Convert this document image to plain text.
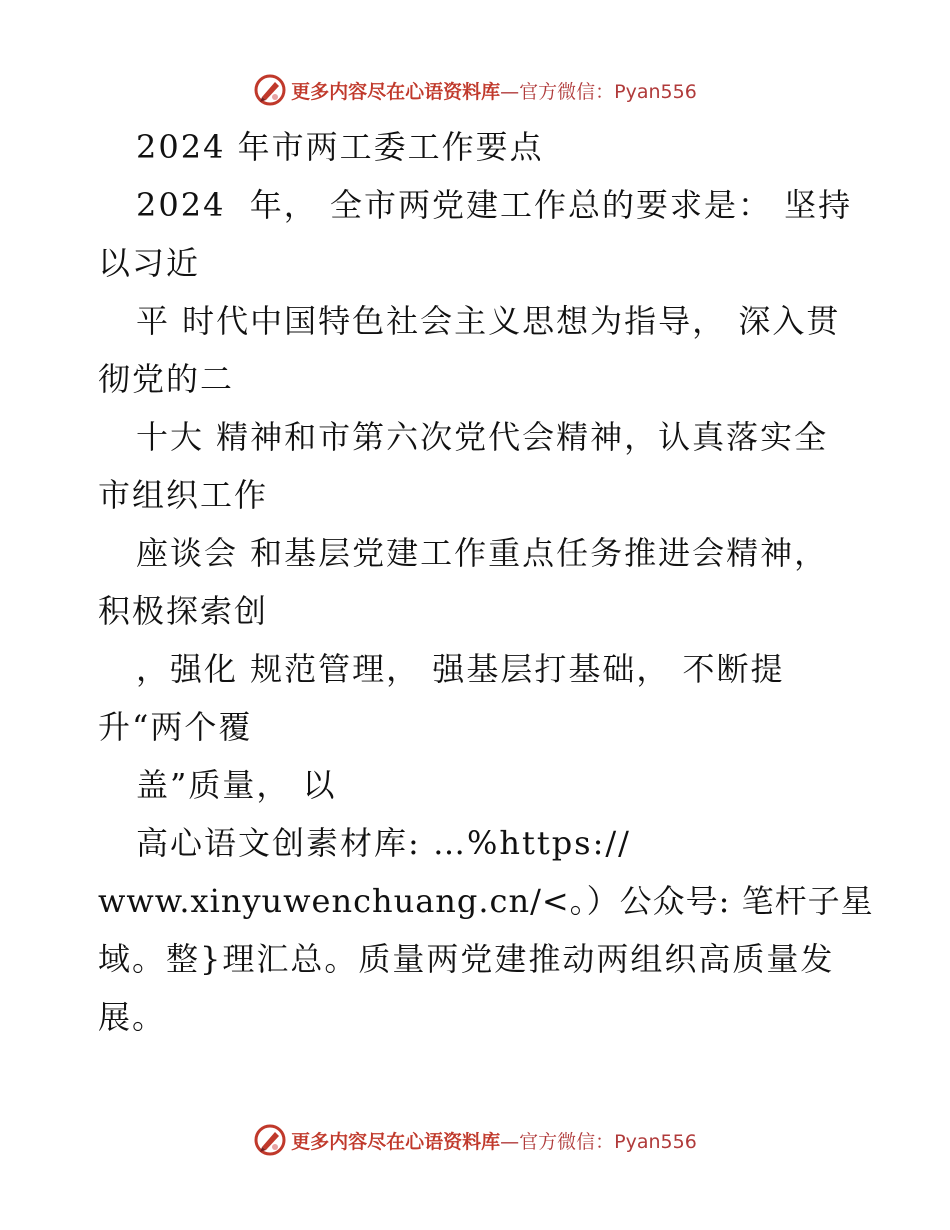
更多内容尽在心语资料库—官方微信：Pyan556
2024 年市两工委工作要点
2024  年， 全市两党建工作总的要求是： 坚持
以习近
平 时代中国特色社会主义思想为指导， 深入贯
彻党的二
十大 精神和市第六次党代会精神，认真落实全
市组织工作
座谈会 和基层党建工作重点任务推进会精神，
积极探索创
，强化 规范管理， 强基层打基础， 不断提
升“两个覆
盖”质量， 以
高心语文创素材库: …%https://
www.xinyuwenchuang.cn/<。）公众号: 笔杆子星
域。整}理汇总。质量两党建推动两组织高质量发
展。
更多内容尽在心语资料库—官方微信：Pyan556
